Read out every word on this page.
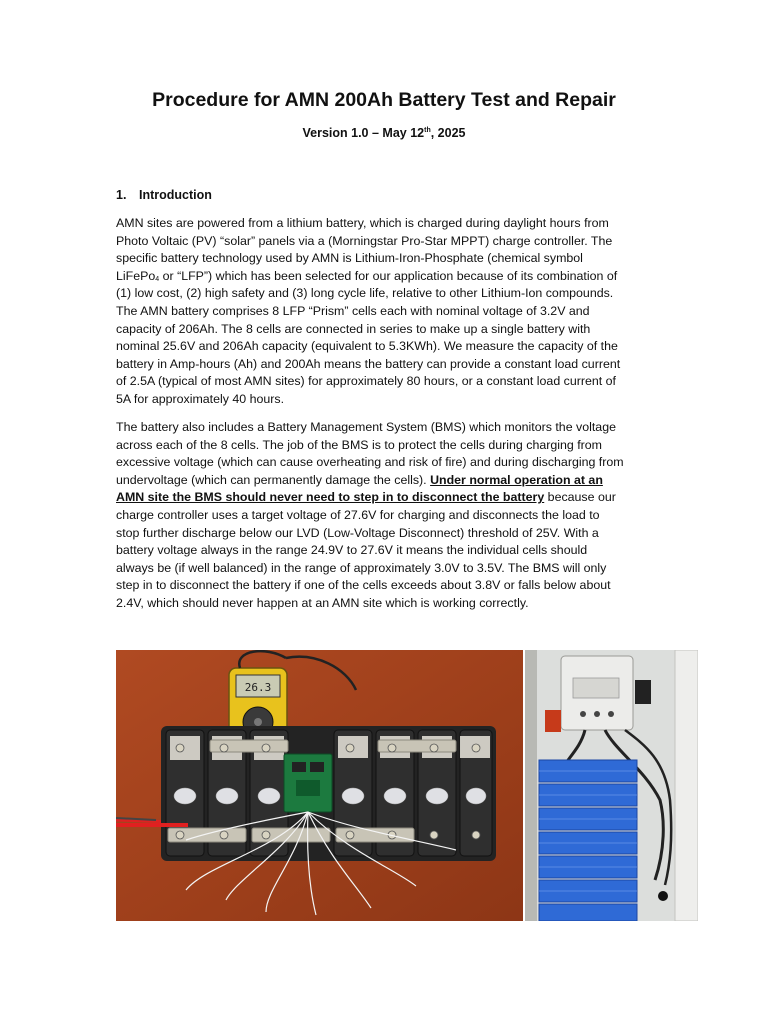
Procedure for AMN 200Ah Battery Test and Repair
Version 1.0 – May 12th, 2025
1. Introduction

AMN sites are powered from a lithium battery, which is charged during daylight hours from
Photo Voltaic (PV) “solar” panels via a (Morningstar Pro-Star MPPT) charge controller. The
specific battery technology used by AMN is Lithium-Iron-Phosphate (chemical symbol
LiFePo$_4$ or “LFP”) which has been selected for our application because of its combination of
(1) low cost, (2) high safety and (3) long cycle life, relative to other Lithium-Ion compounds.
The AMN battery comprises 8 LFP “Prism” cells each with nominal voltage of 3.2V and
capacity of 206Ah. The 8 cells are connected in series to make up a single battery with
nominal 25.6V and 206Ah capacity (equivalent to 5.3KWh). We measure the capacity of the
battery in Amp-hours (Ah) and 200Ah means the battery can provide a constant load current
of 2.5A (typical of most AMN sites) for approximately 80 hours, or a constant load current of
5A for approximately 40 hours.

The battery also includes a Battery Management System (BMS) which monitors the voltage
across each of the 8 cells. The job of the BMS is to protect the cells during charging from
excessive voltage (which can cause overheating and risk of fire) and during discharging from
undervoltage (which can permanently damage the cells). Under normal operation at an
AMN site the BMS should never need to step in to disconnect the battery because our
charge controller uses a target voltage of 27.6V for charging and disconnects the load to
stop further discharge below our LVD (Low-Voltage Disconnect) threshold of 25V. With a
battery voltage always in the range 24.9V to 27.6V it means the individual cells should
always be (if well balanced) in the range of approximately 3.0V to 3.5V. The BMS will only
step in to disconnect the battery if one of the cells exceeds about 3.8V or falls below about
2.4V, which should never happen at an AMN site which is working correctly.

26.3
